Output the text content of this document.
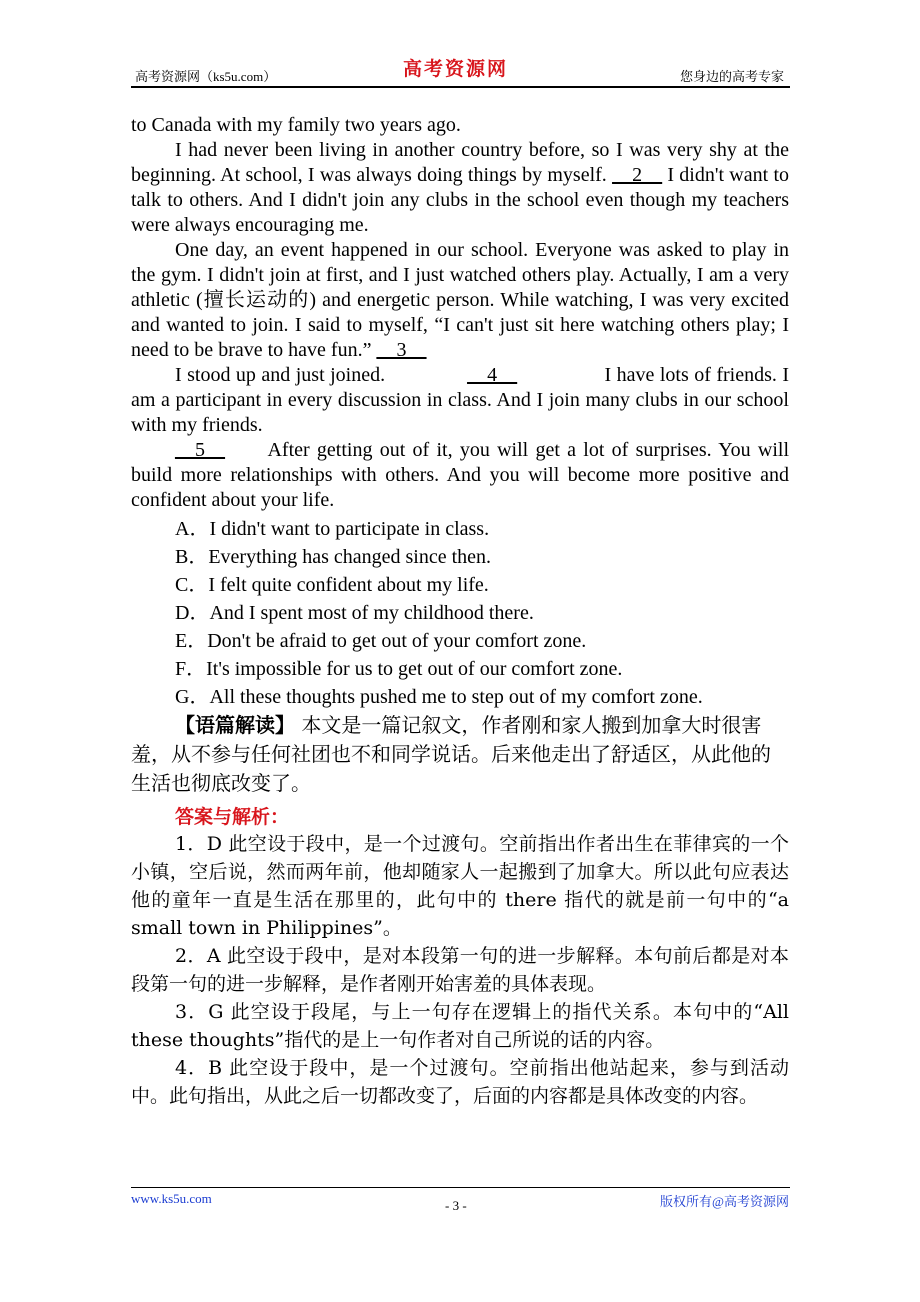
高考资源网（ks5u.com）	高考资源网	您身边的高考专家

to Canada with my family two years ago.

I had never been living in another country before, so I was very shy at the beginning. At school, I was always doing things by myself. __2__ I didn't want to talk to others. And I didn't join any clubs in the school even though my teachers were always encouraging me.

One day, an event happened in our school. Everyone was asked to play in the gym. I didn't join at first, and I just watched others play. Actually, I am a very athletic (擅长运动的) and energetic person. While watching, I was very excited and wanted to join. I said to myself, “I can't just sit here watching others play; I need to be brave to have fun.” __3__

I stood up and just joined.	__4__	I have lots of friends. I am a participant in every discussion in class. And I join many clubs in our school with my friends.

__5__ After getting out of it, you will get a lot of surprises. You will build more relationships with others. And you will become more positive and confident about your life.

A．I didn't want to participate in class.

B．Everything has changed since then.

C．I felt quite confident about my life.

D．And I spent most of my childhood there.

E．Don't be afraid to get out of your comfort zone.

F．It's impossible for us to get out of our comfort zone.

G．All these thoughts pushed me to step out of my comfort zone.

【语篇解读】 本文是一篇记叙文，作者刚和家人搬到加拿大时很害羞，从不参与任何社团也不和同学说话。后来他走出了舒适区，从此他的生活也彻底改变了。

答案与解析：

1．D 此空设于段中，是一个过渡句。空前指出作者出生在菲律宾的一个小镇，空后说，然而两年前，他却随家人一起搬到了加拿大。所以此句应表达他的童年一直是生活在那里的，此句中的 there 指代的就是前一句中的“a small town in Philippines”。

2．A 此空设于段中，是对本段第一句的进一步解释。本句前后都是对本段第一句的进一步解释，是作者刚开始害羞的具体表现。

3．G 此空设于段尾，与上一句存在逻辑上的指代关系。本句中的“All these thoughts”指代的是上一句作者对自己所说的话的内容。

4．B 此空设于段中，是一个过渡句。空前指出他站起来，参与到活动中。此句指出，从此之后一切都改变了，后面的内容都是具体改变的内容。

www.ks5u.com	- 3 -	版权所有@高考资源网
